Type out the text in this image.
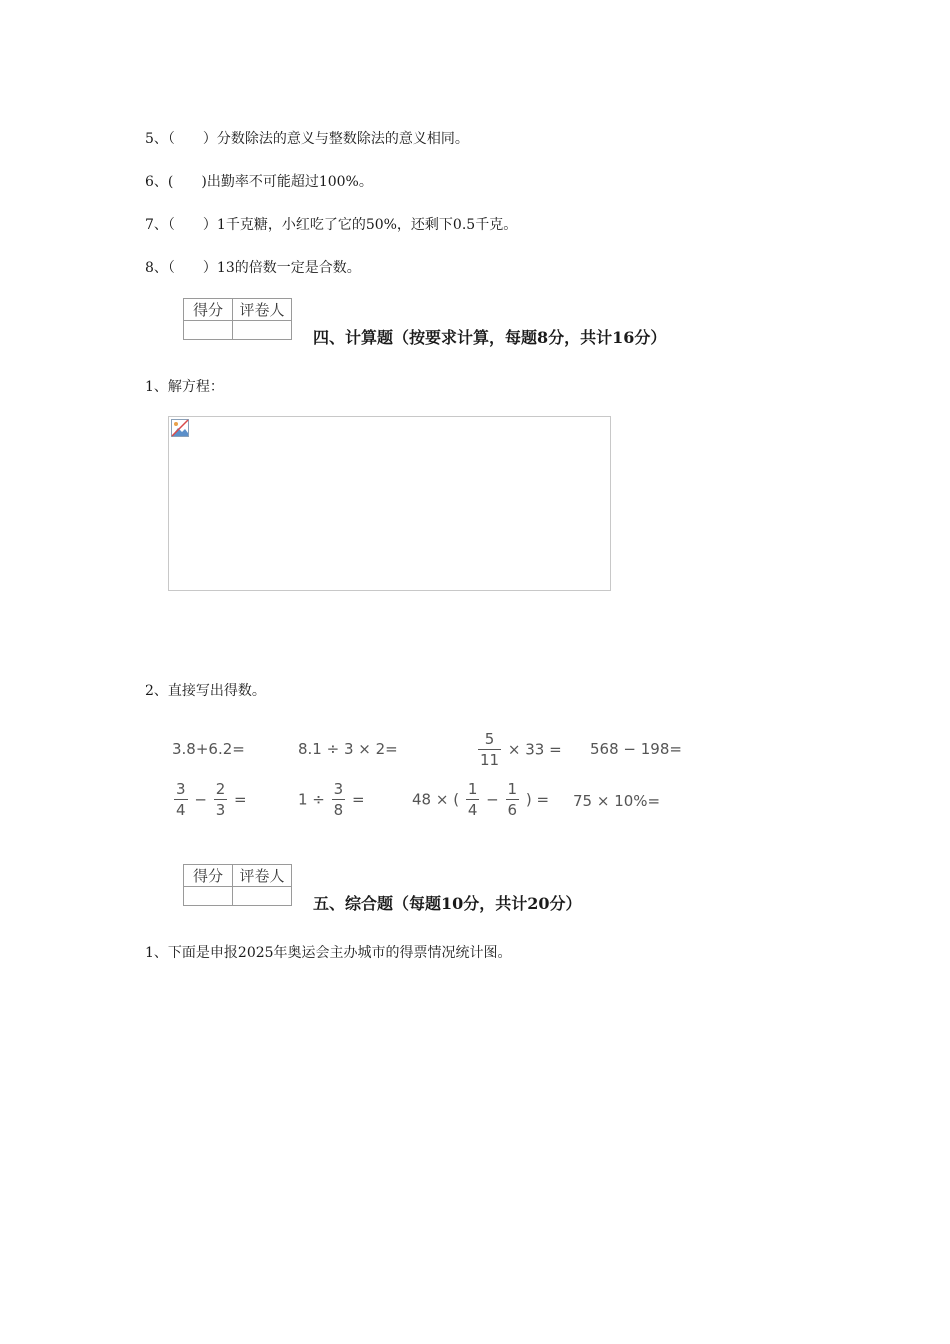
5、（　　）分数除法的意义与整数除法的意义相同。
6、(　　)出勤率不可能超过100%。
7、（　　）1千克糖，小红吃了它的50%，还剩下0.5千克。
8、（　　）13的倍数一定是合数。
得分	评卷人

四、计算题（按要求计算，每题8分，共计16分）
1、解方程：
2、直接写出得数。
3.8+6.2=	8.1 ÷ 3 × 2=	$\frac{5}{11} \times 33 = 568 - 198=$
$\frac{3}{4} - \frac{2}{3}$ =	$1 \div \frac{3}{8}$ =	48 × ( $\frac{1}{4} - \frac{1}{6}$ ) = 75 × 10%=
得分	评卷人

五、综合题（每题10分，共计20分）
1、下面是申报2025年奥运会主办城市的得票情况统计图。
